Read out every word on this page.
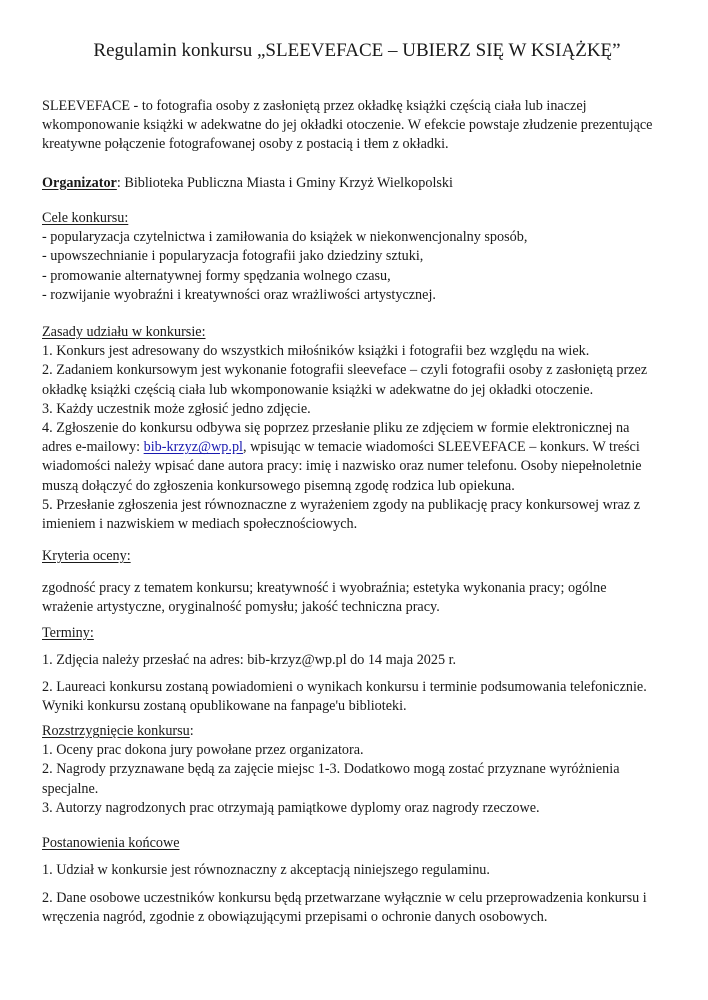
Regulamin konkursu „SLEEVEFACE – UBIERZ SIĘ W KSIĄŻKĘ”
SLEEVEFACE - to fotografia osoby z zasłoniętą przez okładkę książki częścią ciała lub inaczej
wkomponowanie książki w adekwatne do jej okładki otoczenie. W efekcie powstaje złudzenie prezentujące
kreatywne połączenie fotografowanej osoby z postacią i tłem z okładki.
Organizator: Biblioteka Publiczna Miasta i Gminy Krzyż Wielkopolski
Cele konkursu:
- popularyzacja czytelnictwa i zamiłowania do książek w niekonwencjonalny sposób,
- upowszechnianie i popularyzacja fotografii jako dziedziny sztuki,
- promowanie alternatywnej formy spędzania wolnego czasu,
- rozwijanie wyobraźni i kreatywności oraz wrażliwości artystycznej.
Zasady udziału w konkursie:
1. Konkurs jest adresowany do wszystkich miłośników książki i fotografii bez względu na wiek.
2. Zadaniem konkursowym jest wykonanie fotografii sleeveface – czyli fotografii osoby z zasłoniętą przez
okładkę książki częścią ciała lub wkomponowanie książki w adekwatne do jej okładki otoczenie.
3. Każdy uczestnik może zgłosić jedno zdjęcie.
4. Zgłoszenie do konkursu odbywa się poprzez przesłanie pliku ze zdjęciem w formie elektronicznej na
adres e-mailowy: bib-krzyz@wp.pl, wpisując w temacie wiadomości SLEEVEFACE – konkurs. W treści
wiadomości należy wpisać dane autora pracy: imię i nazwisko oraz numer telefonu. Osoby niepełnoletnie
muszą dołączyć do zgłoszenia konkursowego pisemną zgodę rodzica lub opiekuna.
5. Przesłanie zgłoszenia jest równoznaczne z wyrażeniem zgody na publikację pracy konkursowej wraz z
imieniem i nazwiskiem w mediach społecznościowych.
Kryteria oceny:
zgodność pracy z tematem konkursu; kreatywność i wyobraźnia; estetyka wykonania pracy; ogólne
wrażenie artystyczne, oryginalność pomysłu; jakość techniczna pracy.
Terminy:
1. Zdjęcia należy przesłać na adres: bib-krzyz@wp.pl do 14 maja 2025 r.
2. Laureaci konkursu zostaną powiadomieni o wynikach konkursu i terminie podsumowania telefonicznie.
Wyniki konkursu zostaną opublikowane na fanpage'u biblioteki.
Rozstrzygnięcie konkursu:
1. Oceny prac dokona jury powołane przez organizatora.
2. Nagrody przyznawane będą za zajęcie miejsc 1-3. Dodatkowo mogą zostać przyznane wyróżnienia
specjalne.
3. Autorzy nagrodzonych prac otrzymają pamiątkowe dyplomy oraz nagrody rzeczowe.
Postanowienia końcowe
1. Udział w konkursie jest równoznaczny z akceptacją niniejszego regulaminu.
2. Dane osobowe uczestników konkursu będą przetwarzane wyłącznie w celu przeprowadzenia konkursu i
wręczenia nagród, zgodnie z obowiązującymi przepisami o ochronie danych osobowych.
